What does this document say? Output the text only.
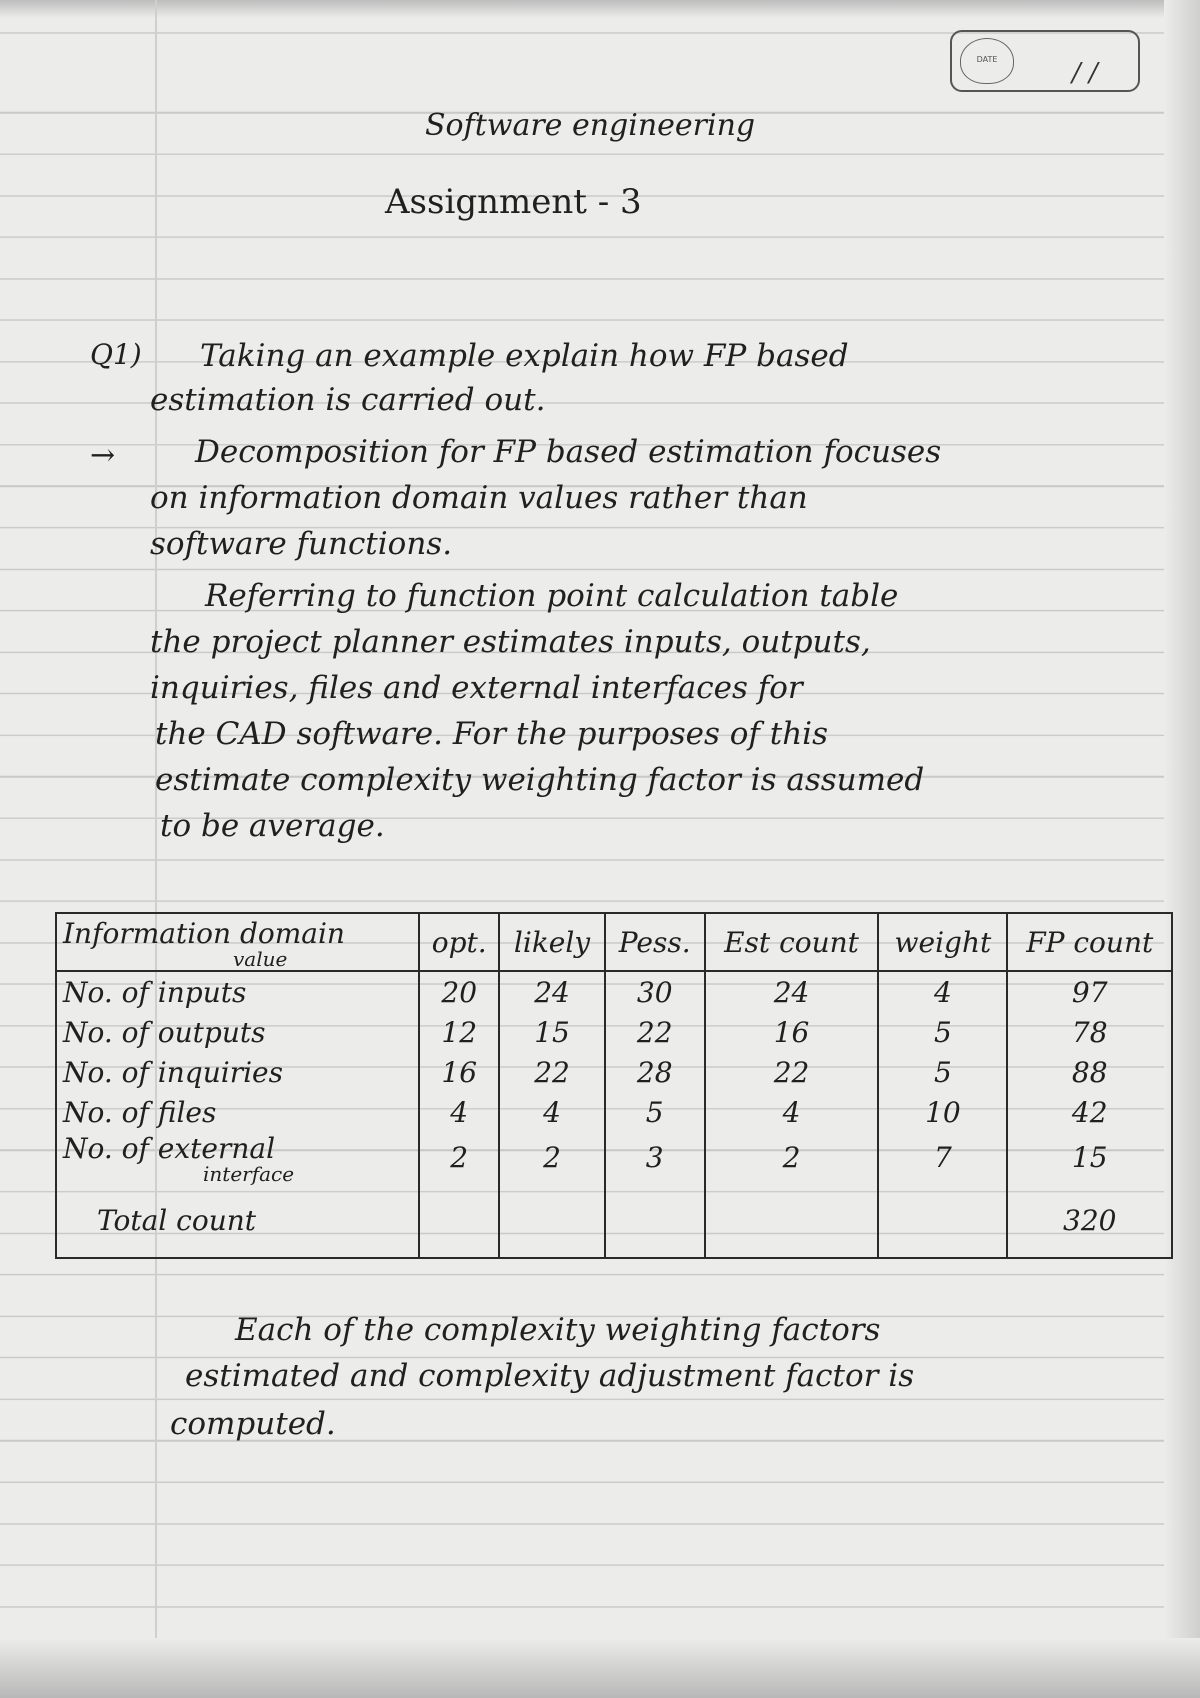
DATE	/ /
Software engineering
Assignment - 3
Q1) Taking an example explain how FP based
estimation is carried out.
→	Decomposition for FP based estimation focuses
on information domain values rather than
software functions.
Referring to function point calculation table
the project planner estimates inputs, outputs,
inquiries, files and external interfaces for
the CAD software. For the purposes of this
estimate complexity weighting factor is assumed
to be average.
Information domain
value	opt.	likely	Pess.	Est count	weight	FP count
No. of inputs	20	24	30	24	4	97
No. of outputs	12	15	22	16	5	78
No. of inquiries	16	22	28	22	5	88
No. of files	4	4	5	4	10	42
No. of external
interface	2	2	3	2	7	15
Total count						320
Each of the complexity weighting factors
estimated and complexity adjustment factor is
computed.
